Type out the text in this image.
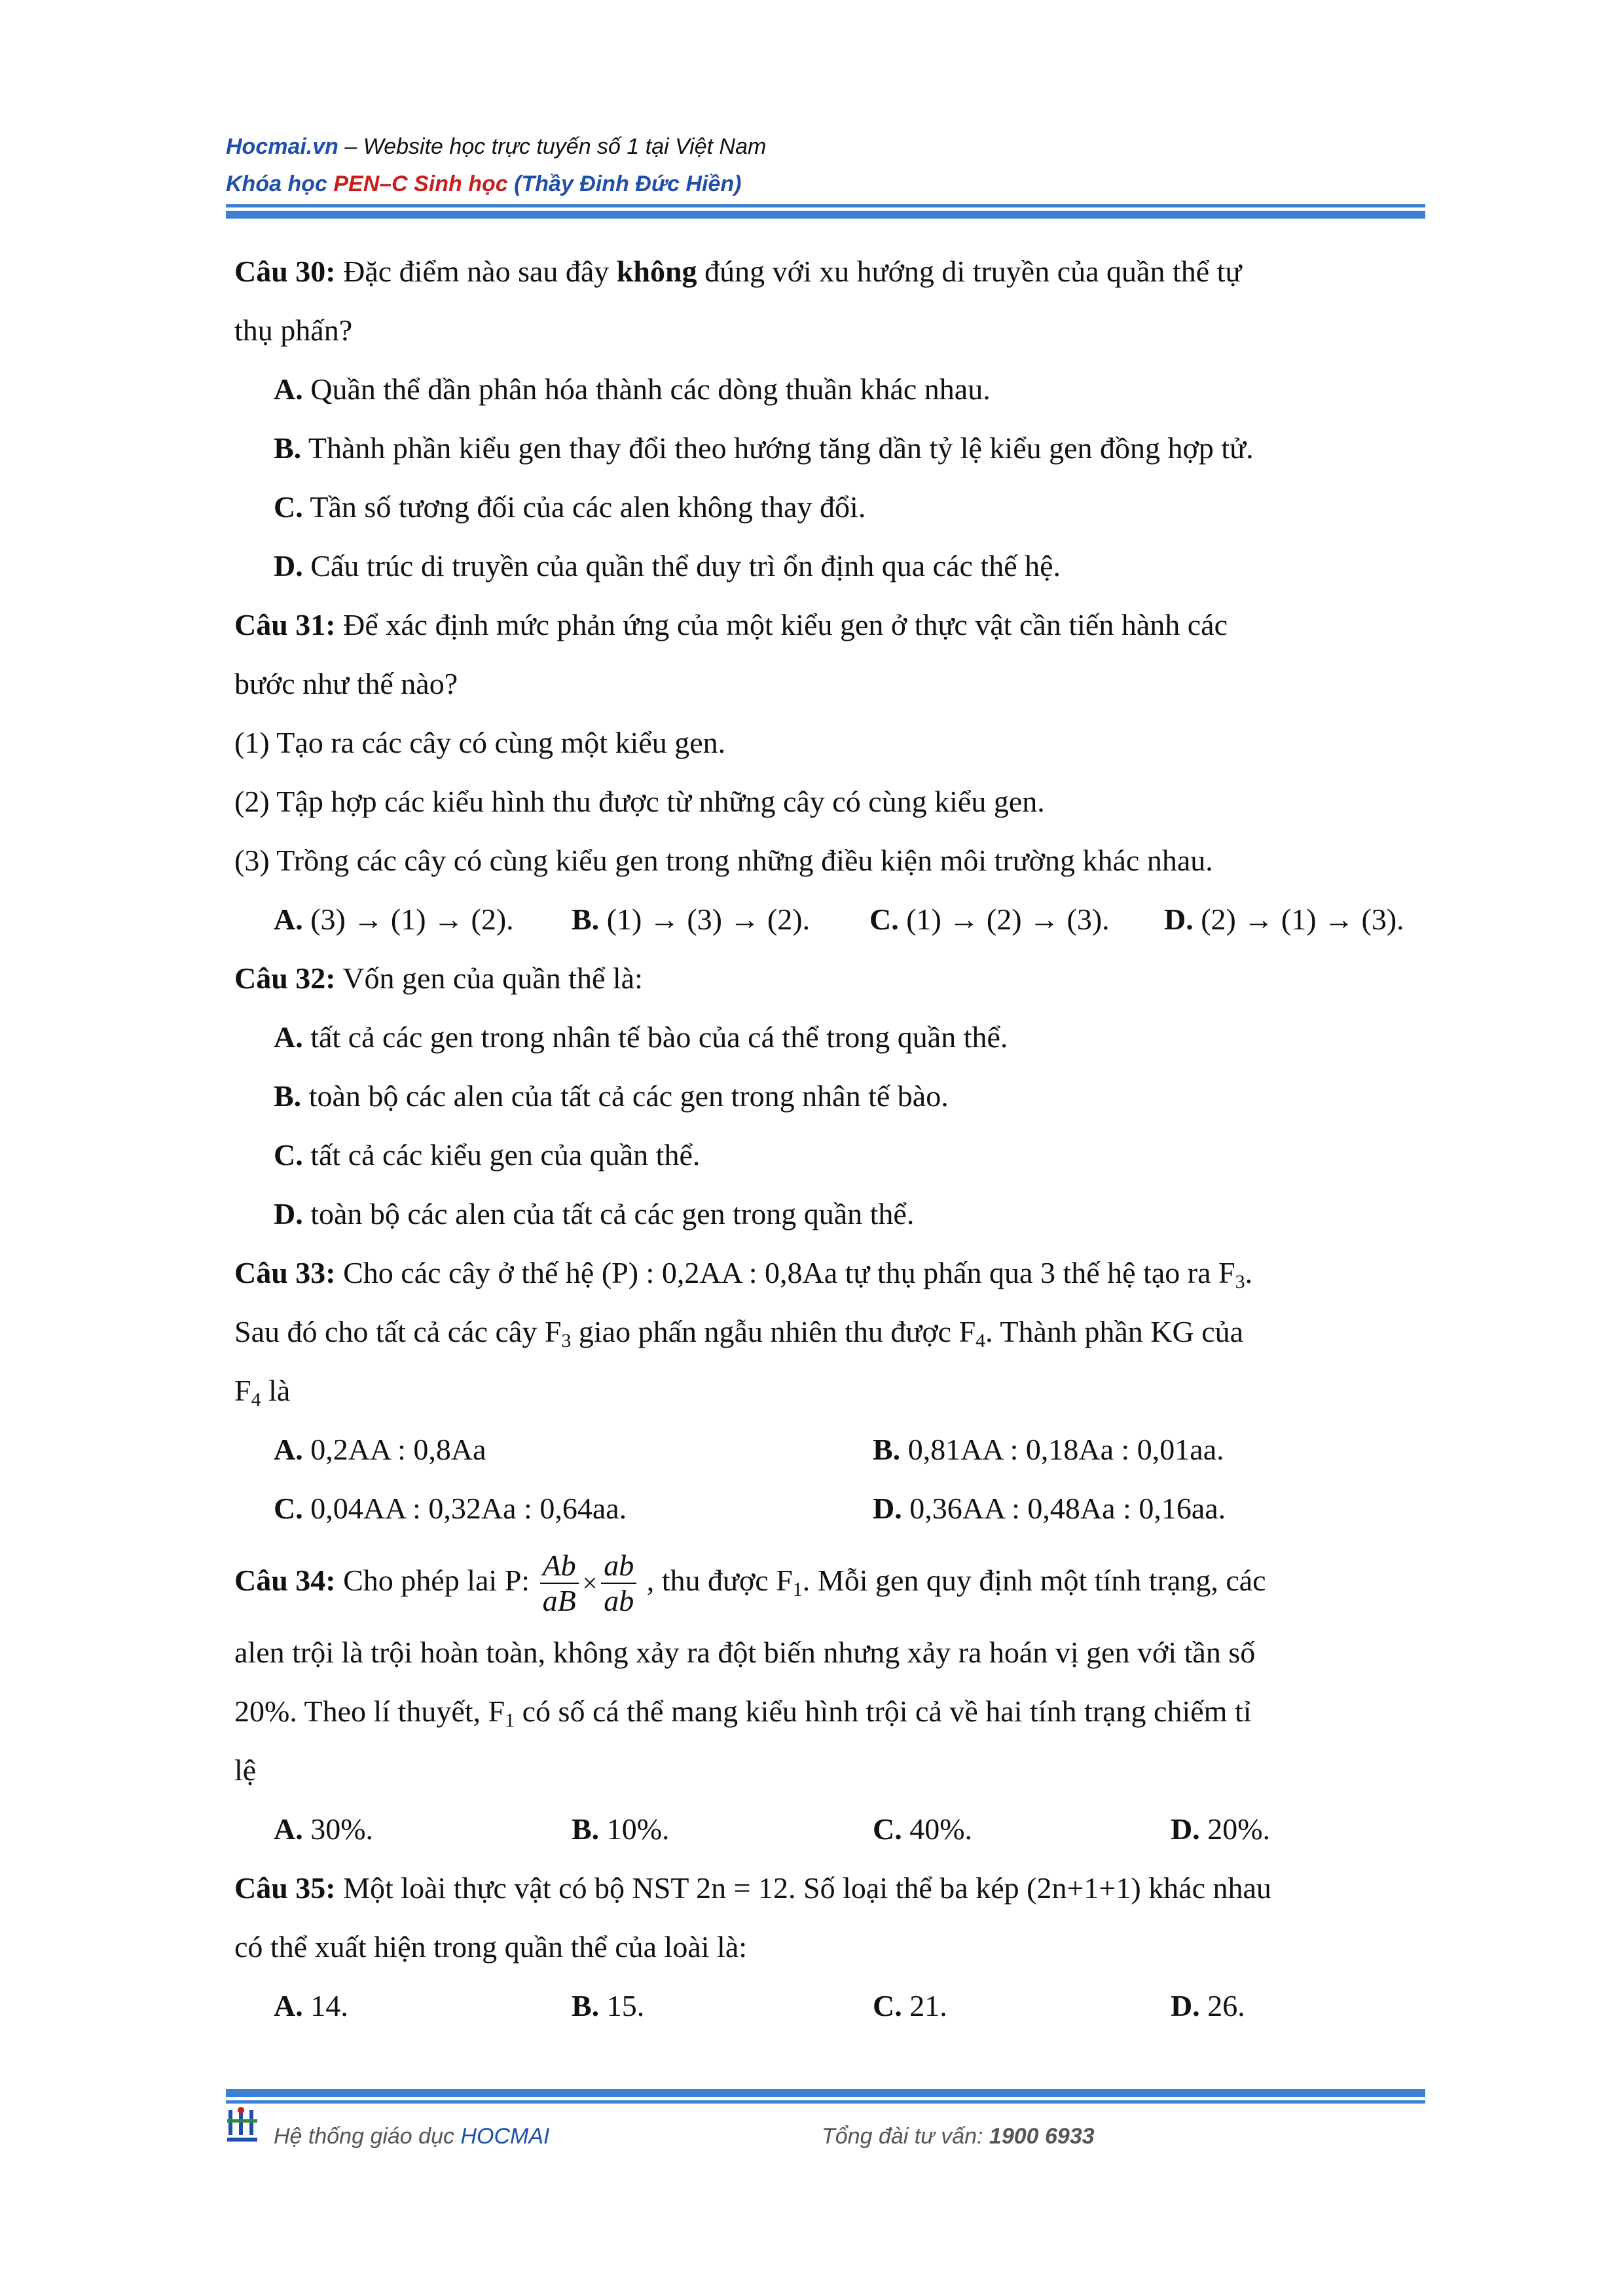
Hocmai.vn – Website học trực tuyến số 1 tại Việt Nam
Khóa học PEN–C Sinh học (Thầy Đinh Đức Hiền)
Câu 30: Đặc điểm nào sau đây không đúng với xu hướng di truyền của quần thể tự
thụ phấn?
A. Quần thể dần phân hóa thành các dòng thuần khác nhau.
B. Thành phần kiểu gen thay đổi theo hướng tăng dần tỷ lệ kiểu gen đồng hợp tử.
C. Tần số tương đối của các alen không thay đổi.
D. Cấu trúc di truyền của quần thể duy trì ổn định qua các thế hệ.
Câu 31: Để xác định mức phản ứng của một kiểu gen ở thực vật cần tiến hành các
bước như thế nào?
(1) Tạo ra các cây có cùng một kiểu gen.
(2) Tập hợp các kiểu hình thu được từ những cây có cùng kiểu gen.
(3) Trồng các cây có cùng kiểu gen trong những điều kiện môi trường khác nhau.
A. (3) → (1) → (2). B. (1) → (3) → (2). C. (1) → (2) → (3). D. (2) → (1) → (3).
Câu 32: Vốn gen của quần thể là:
A. tất cả các gen trong nhân tế bào của cá thể trong quần thể.
B. toàn bộ các alen của tất cả các gen trong nhân tế bào.
C. tất cả các kiểu gen của quần thể.
D. toàn bộ các alen của tất cả các gen trong quần thể.
Câu 33: Cho các cây ở thế hệ (P) : 0,2AA : 0,8Aa tự thụ phấn qua 3 thế hệ tạo ra $F_3$.
Sau đó cho tất cả các cây $F_3$ giao phấn ngẫu nhiên thu được $F_4$. Thành phần KG của
$F_4$ là
A. 0,2AA : 0,8Aa	B. 0,81AA : 0,18Aa : 0,01aa.
C. 0,04AA : 0,32Aa : 0,64aa.	D. 0,36AA : 0,48Aa : 0,16aa.
Câu 34: Cho phép lai P: $\frac{Ab}{aB} \times \frac{ab}{ab}$ , thu được $F_1$. Mỗi gen quy định một tính trạng, các
alen trội là trội hoàn toàn, không xảy ra đột biến nhưng xảy ra hoán vị gen với tần số
20%. Theo lí thuyết, $F_1$ có số cá thể mang kiểu hình trội cả về hai tính trạng chiếm tỉ
lệ
A. 30%.	B. 10%.	C. 40%.	D. 20%.
Câu 35: Một loài thực vật có bộ NST 2n = 12. Số loại thể ba kép (2n+1+1) khác nhau
có thể xuất hiện trong quần thể của loài là:
A. 14.	B. 15.	C. 21.	D. 26.
Hệ thống giáo dục HOCMAI	Tổng đài tư vấn: 1900 6933
